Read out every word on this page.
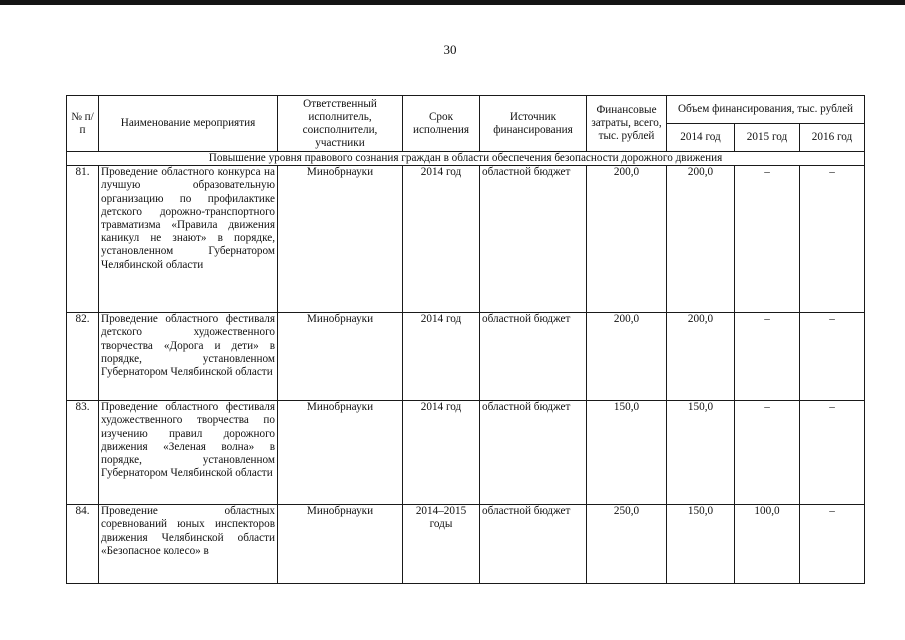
30
№ п/п	Наименование мероприятия	Ответственный исполнитель, соисполнители, участники	Срок исполнения	Источник финансирования	Финансовые затраты, всего, тыс. рублей	Объем финансирования, тыс. рублей		
						2014 год	2015 год	2016 год
Повышение уровня правового сознания граждан в области обеспечения безопасности дорожного движения								
81.	Проведение областного конкурса на лучшую образовательную организацию по профилактике детского дорожно-транспортного травматизма «Правила движения каникул не знают» в порядке, установленном Губернатором Челябинской области	Минобрнауки	2014 год	областной бюджет	200,0	200,0	–	–
82.	Проведение областного фестиваля детского художественного творчества «Дорога и дети» в порядке, установленном Губернатором Челябинской области	Минобрнауки	2014 год	областной бюджет	200,0	200,0	–	–
83.	Проведение областного фестиваля художественного творчества по изучению правил дорожного движения «Зеленая волна» в порядке, установленном Губернатором Челябинской области	Минобрнауки	2014 год	областной бюджет	150,0	150,0	–	–
84.	Проведение областных соревнований юных инспекторов движения Челябинской области «Безопасное колесо» в	Минобрнауки	2014–2015 годы	областной бюджет	250,0	150,0	100,0	–
